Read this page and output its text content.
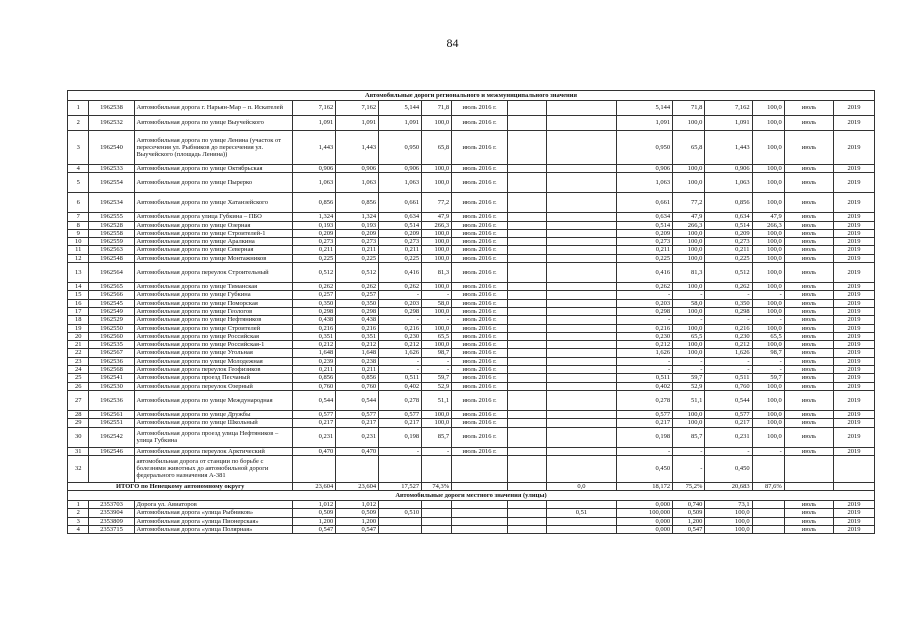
84
Автомобильные дороги регионального и межмуниципального значения															
1	1962538	Автомобильная дорога г. Нарьян-Мар – п. Искателей	7,162	7,162	5,144	71,8	июль 2016 г.			5,144	71,8	7,162	100,0	июль	2019
2	1962532	Автомобильная дорога по улице Выучейского	1,091	1,091	1,091	100,0	июль 2016 г.			1,091	100,0	1,091	100,0	июль	2019
3	1962540	Автомобильная дорога по улице Ленина (участок от пересечения ул. Рыбников до пересечения ул. Выучейского (площадь Ленина))	1,443	1,443	0,950	65,8	июль 2016 г.			0,950	65,8	1,443	100,0	июль	2019
4	1962533	Автомобильная дорога по улице Октябрьская	0,906	0,906	0,906	100,0	июль 2016 г.			0,906	100,0	0,906	100,0	июль	2019
5	1962554	Автомобильная дорога по улице Пырерко	1,063	1,063	1,063	100,0	июль 2016 г.			1,063	100,0	1,063	100,0	июль	2019
6	1962534	Автомобильная дорога по улице Хатанзейского	0,856	0,856	0,661	77,2	июль 2016 г.			0,661	77,2	0,856	100,0	июль	2019
7	1962555	Автомобильная дорога улица Губкина – ПБО	1,324	1,324	0,634	47,9	июль 2016 г.			0,634	47,9	0,634	47,9	июль	2019
8	1962528	Автомобильная дорога по улице Озерная	0,193	0,193	0,514	266,3	июль 2016 г.			0,514	266,3	0,514	266,3	июль	2019
9	1962558	Автомобильная дорога по улице Строителей-1	0,209	0,209	0,209	100,0	июль 2016 г.			0,209	100,0	0,209	100,0	июль	2019
10	1962559	Автомобильная дорога по улице Аралкина	0,273	0,273	0,273	100,0	июль 2016 г.			0,273	100,0	0,273	100,0	июль	2019
11	1962563	Автомобильная дорога по улице Северная	0,211	0,211	0,211	100,0	июль 2016 г.			0,211	100,0	0,211	100,0	июль	2019
12	1962548	Автомобильная дорога по улице Монтажников	0,225	0,225	0,225	100,0	июль 2016 г.			0,225	100,0	0,225	100,0	июль	2019
13	1962564	Автомобильная дорога переулок Строительный	0,512	0,512	0,416	81,3	июль 2016 г.			0,416	81,3	0,512	100,0	июль	2019
14	1962565	Автомобильная дорога по улице Тиманская	0,262	0,262	0,262	100,0	июль 2016 г.			0,262	100,0	0,262	100,0	июль	2019
15	1962566	Автомобильная дорога по улице Губкина	0,257	0,257	-	-	июль 2016 г.			-	-	-	-	июль	2019
16	1962545	Автомобильная дорога по улице Поморская	0,350	0,350	0,203	58,0	июль 2016 г.			0,203	58,0	0,350	100,0	июль	2019
17	1962549	Автомобильная дорога по улице Геологов	0,298	0,298	0,298	100,0	июль 2016 г.			0,298	100,0	0,298	100,0	июль	2019
18	1962529	Автомобильная дорога по улице Нефтяников	0,438	0,438	-	-	июль 2016 г.			-	-	-	-	июль	2019
19	1962550	Автомобильная дорога по улице Строителей	0,216	0,216	0,216	100,0	июль 2016 г.			0,216	100,0	0,216	100,0	июль	2019
20	1962560	Автомобильная дорога по улице Российская	0,351	0,351	0,230	65,5	июль 2016 г.			0,230	65,5	0,230	65,5	июль	2019
21	1962535	Автомобильная дорога по улице Российская-1	0,212	0,212	0,212	100,0	июль 2016 г.			0,212	100,0	0,212	100,0	июль	2019
22	1962567	Автомобильная дорога по улице Угольная	1,648	1,648	1,626	98,7	июль 2016 г.			1,626	100,0	1,626	98,7	июль	2019
23	1962536	Автомобильная дорога по улице Молодежная	0,239	0,238	-	-	июль 2016 г.			-	-	-	-	июль	2019
24	1962568	Автомобильная дорога переулок Геофизиков	0,211	0,211	-	-	июль 2016 г.			-	-	-	-	июль	2019
25	1962541	Автомобильная дорога проезд Песчаный	0,856	0,856	0,511	59,7	июль 2016 г.			0,511	59,7	0,511	59,7	июль	2019
26	1962530	Автомобильная дорога переулок Озерный	0,760	0,760	0,402	52,9	июль 2016 г.			0,402	52,9	0,760	100,0	июль	2019
27	1962536	Автомобильная дорога по улице Международная	0,544	0,544	0,278	51,1	июль 2016 г.			0,278	51,1	0,544	100,0	июль	2019
28	1962561	Автомобильная дорога по улице Дружбы	0,577	0,577	0,577	100,0	июль 2016 г.			0,577	100,0	0,577	100,0	июль	2019
29	1962551	Автомобильная дорога по улице Школьный	0,217	0,217	0,217	100,0	июль 2016 г.			0,217	100,0	0,217	100,0	июль	2019
30	1962542	Автомобильная дорога проезд улица Нефтяников – улица Губкина	0,231	0,231	0,198	85,7	июль 2016 г.			0,198	85,7	0,231	100,0	июль	2019
31	1962546	Автомобильная дорога переулок Арктический	0,470	0,470	-	-	июль 2016 г.			-	-	-	-	июль	2019
32		автомобильная дорога от станции по борьбе с болезнями животных до автомобильной дороги федерального назначения А-381								0,450	-	0,450			
ИТОГО по Ненецкому автономному округу			23,604	23,604	17,527	74,3%			0,0	18,172	75,2%	20,683	87,6%		
Автомобильные дороги местного значения (улицы)															
1	2353703	Дорога ул. Авиаторов	1,012	1,012						0,000	0,740	73,1		июль	2019
2	2353904	Автомобильная дорога «улица Рыбников»	0,509	0,509	0,510				0,51	100,000	0,509	100,0		июль	2019
3	2353809	Автомобильная дорога «улица Пионерская»	1,200	1,200						0,000	1,200	100,0		июль	2019
4	2353715	Автомобильная дорога «улица Полярная»	0,547	0,547						0,000	0,547	100,0		июль	2019
